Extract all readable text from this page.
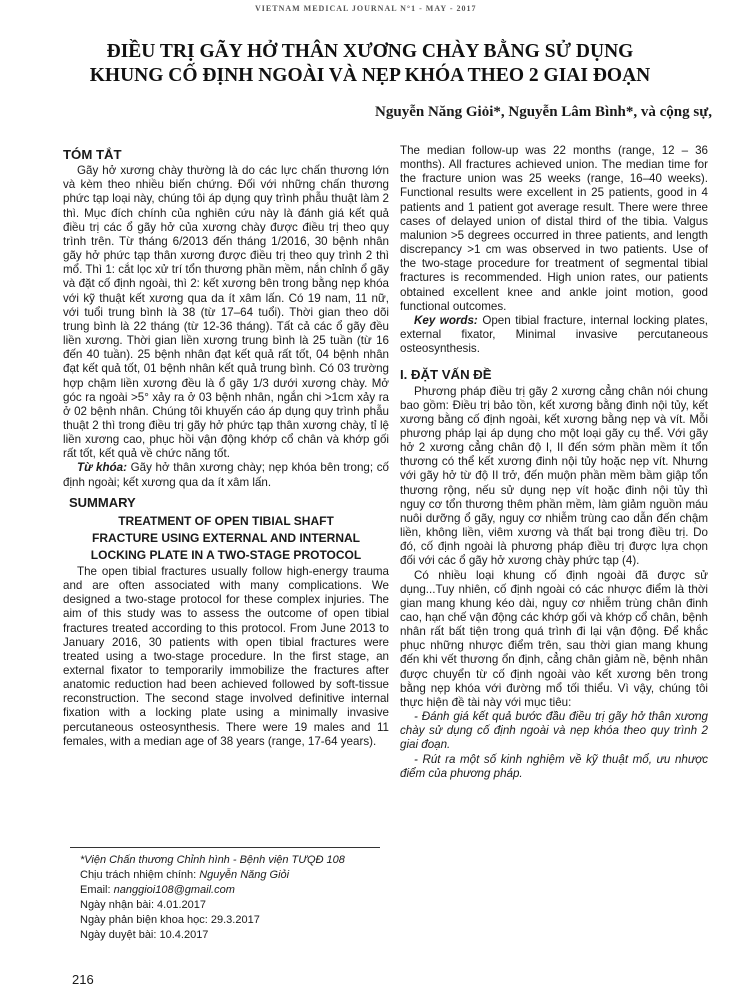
VIETNAM MEDICAL JOURNAL N°1 - MAY - 2017
ĐIỀU TRỊ GÃY HỞ THÂN XƯƠNG CHÀY BẰNG SỬ DỤNG
KHUNG CỐ ĐỊNH NGOÀI VÀ NẸP KHÓA THEO 2 GIAI ĐOẠN
Nguyễn Năng Giỏi*, Nguyễn Lâm Bình*, và cộng sự,
TÓM TẮT

Gãy hở xương chày thường là do các lực chấn thương lớn và kèm theo nhiều biến chứng. Đối với những chấn thương phức tạp loại này, chúng tôi áp dụng quy trình phẫu thuật làm 2 thì. Mục đích chính của nghiên cứu này là đánh giá kết quả điều trị các ổ gãy hở của xương chày được điều trị theo quy trình trên. Từ tháng 6/2013 đến tháng 1/2016, 30 bệnh nhân gãy hở phức tạp thân xương được điều trị theo quy trình 2 thì mổ. Thì 1: cắt lọc xử trí tổn thương phần mềm, nắn chỉnh ổ gãy và đặt cố định ngoài, thì 2: kết xương bên trong bằng nẹp khóa với kỹ thuật kết xương qua da ít xâm lấn. Có 19 nam, 11 nữ, với tuổi trung bình là 38 (từ 17–64 tuổi). Thời gian theo dõi trung bình là 22 tháng (từ 12-36 tháng). Tất cả các ổ gãy đều liền xương. Thời gian liền xương trung bình là 25 tuần (từ 16 đến 40 tuần). 25 bệnh nhân đạt kết quả rất tốt, 04 bệnh nhân đạt kết quả tốt, 01 bệnh nhân kết quả trung bình. Có 03 trường hợp chậm liền xương đều là ổ gãy 1/3 dưới xương chày. Mở góc ra ngoài >5° xảy ra ở 03 bệnh nhân, ngắn chi >1cm xảy ra ở 02 bệnh nhân. Chúng tôi khuyến cáo áp dụng quy trình phẫu thuật 2 thì trong điều trị gãy hở phức tạp thân xương chày, tỉ lệ liền xương cao, phục hồi vận động khớp cổ chân và khớp gối rất tốt, kết quả về chức năng tốt.

Từ khóa: Gãy hở thân xương chày; nẹp khóa bên trong; cố định ngoài; kết xương qua da ít xâm lấn.

SUMMARY
TREATMENT OF OPEN TIBIAL SHAFT
FRACTURE USING EXTERNAL AND INTERNAL
LOCKING PLATE IN A TWO-STAGE PROTOCOL

The open tibial fractures usually follow high-energy trauma and are often associated with many complications. We designed a two-stage protocol for these complex injuries. The aim of this study was to assess the outcome of open tibial fractures treated according to this protocol. From June 2013 to January 2016, 30 patients with open tibial fractures were treated using a two-stage procedure. In the first stage, an external fixator to temporarily immobilize the fractures after anatomic reduction had been achieved followed by soft-tissue reconstruction. The second stage involved definitive internal fixation with a locking plate using a minimally invasive percutaneous osteosynthesis. There were 19 males and 11 females, with a median age of 38 years (range, 17-64 years).

The median follow-up was 22 months (range, 12 – 36 months). All fractures achieved union. The median time for the fracture union was 25 weeks (range, 16–40 weeks). Functional results were excellent in 25 patients, good in 4 patients and 1 patient got average result. There were three cases of delayed union of distal third of the tibia. Valgus malunion >5 degrees occurred in three patients, and length discrepancy >1 cm was observed in two patients. Use of the two-stage procedure for treatment of segmental tibial fractures is recommended. High union rates, our patients obtained excellent knee and ankle joint motion, good functional outcomes.

Key words: Open tibial fracture, internal locking plates, external fixator, Minimal invasive percutaneous osteosynthesis.

I. ĐẶT VẤN ĐỀ

Phương pháp điều trị gãy 2 xương cẳng chân nói chung bao gồm: Điều trị bảo tồn, kết xương bằng đinh nội tủy, kết xương bằng cố định ngoài, kết xương bằng nẹp và vít. Mỗi phương pháp lại áp dụng cho một loại gãy cụ thể. Với gãy hở 2 xương cẳng chân độ I, II đến sớm phần mềm ít tổn thương có thể kết xương đinh nội tủy hoặc nẹp vít. Nhưng với gãy hở từ độ II trở, đến muộn phần mềm bầm giập tổn thương rộng, nếu sử dụng nẹp vít hoặc đinh nội tủy thì nguy cơ tổn thương thêm phần mềm, làm giảm nguồn máu nuôi dưỡng ổ gãy, nguy cơ nhiễm trùng cao dẫn đến chậm liền, không liền, viêm xương và thất bại trong điều trị. Do đó, cố định ngoài là phương pháp điều trị được lựa chọn đối với các ổ gãy hở xương chày phức tạp (4).

Có nhiều loại khung cố định ngoài đã được sử dụng...Tuy nhiên, cố định ngoài có các nhược điểm là thời gian mang khung kéo dài, nguy cơ nhiễm trùng chân đinh cao, hạn chế vận động các khớp gối và khớp cổ chân, bệnh nhân rất bất tiện trong quá trình đi lại vận động. Để khắc phục những nhược điểm trên, sau thời gian mang khung đến khi vết thương ổn định, cẳng chân giảm nề, bệnh nhân được chuyển từ cố định ngoài vào kết xương bên trong bằng nẹp khóa với đường mổ tối thiểu. Vì vậy, chúng tôi thực hiện đề tài này với mục tiêu:

- Đánh giá kết quả bước đầu điều trị gãy hở thân xương chày sử dụng cố định ngoài và nẹp khóa theo quy trình 2 giai đoạn.

- Rút ra một số kinh nghiệm về kỹ thuật mổ, ưu nhược điểm của phương pháp.

*Viện Chấn thương Chỉnh hình - Bệnh viện TƯQĐ 108
Chịu trách nhiệm chính: Nguyễn Năng Giỏi
Email: nanggioi108@gmail.com
Ngày nhận bài: 4.01.2017
Ngày phản biện khoa học: 29.3.2017
Ngày duyệt bài: 10.4.2017
216
